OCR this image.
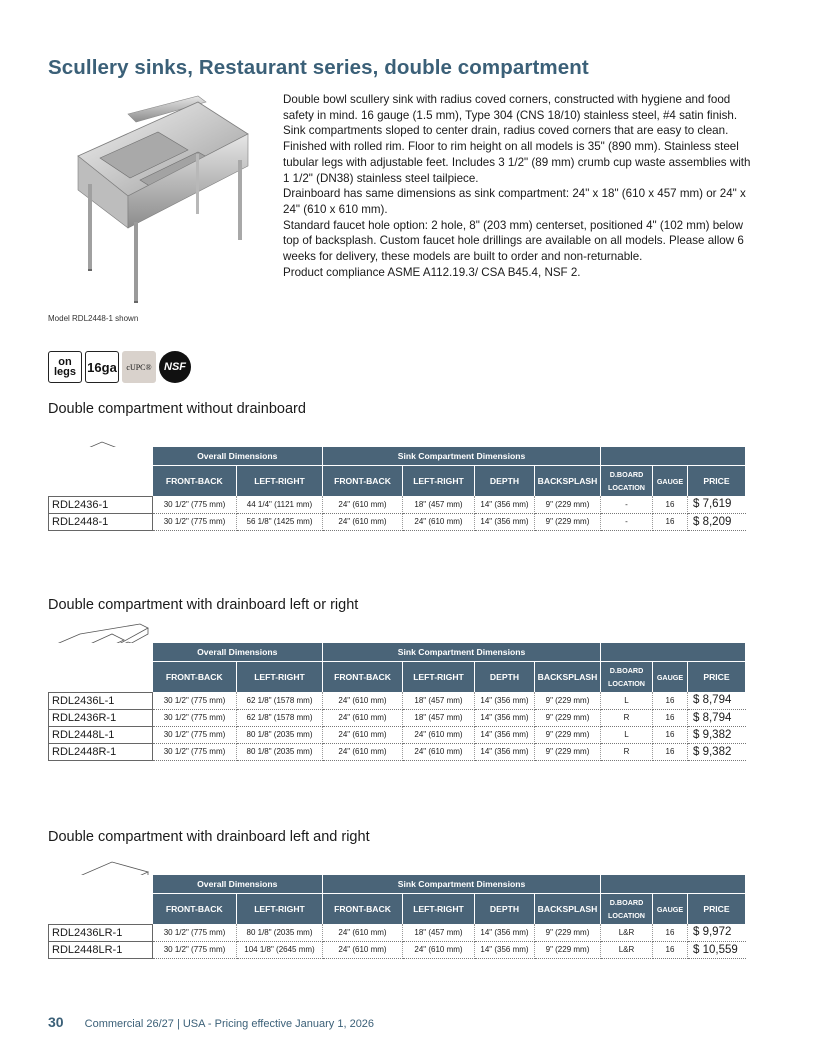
Scullery sinks, Restaurant series, double compartment
Model RDL2448-1 shown

Double bowl scullery sink with radius coved corners, constructed with hygiene and food safety in mind. 16 gauge (1.5 mm), Type 304 (CNS 18/10) stainless steel, #4 satin finish. Sink compartments sloped to center drain, radius coved corners that are easy to clean. Finished with rolled rim. Floor to rim height on all models is 35" (890 mm). Stainless steel tubular legs with adjustable feet. Includes 3 1/2" (89 mm) crumb cup waste assemblies with 1 1/2" (DN38) stainless steel tailpiece.

Drainboard has same dimensions as sink compartment: 24" x 18" (610 x 457 mm) or 24" x 24" (610 x 610 mm).

Standard faucet hole option: 2 hole, 8" (203 mm) centerset, positioned 4" (102 mm) below top of backsplash. Custom faucet hole drillings are available on all models. Please allow 6 weeks for delivery, these models are built to order and non-returnable.

Product compliance ASME A112.19.3/ CSA B45.4, NSF 2.

on
legs 16ga	cUPC®	NSF
Double compartment without drainboard
	Overall Dimensions		Sink Compartment Dimensions						
	FRONT-BACK	LEFT-RIGHT	FRONT-BACK	LEFT-RIGHT	DEPTH	BACKSPLASH	D.BOARD
LOCATION	GAUGE	PRICE
RDL2436-1	30 1/2" (775 mm)	44 1/4" (1121 mm)	24" (610 mm)	18" (457 mm)	14" (356 mm)	9" (229 mm)	-	16	$ 7,619
RDL2448-1	30 1/2" (775 mm)	56 1/8" (1425 mm)	24" (610 mm)	24" (610 mm)	14" (356 mm)	9" (229 mm)	-	16	$ 8,209
Double compartment with drainboard left or right
	Overall Dimensions		Sink Compartment Dimensions						
	FRONT-BACK	LEFT-RIGHT	FRONT-BACK	LEFT-RIGHT	DEPTH	BACKSPLASH	D.BOARD
LOCATION	GAUGE	PRICE
RDL2436L-1	30 1/2" (775 mm)	62 1/8" (1578 mm)	24" (610 mm)	18" (457 mm)	14" (356 mm)	9" (229 mm)	L	16	$ 8,794
RDL2436R-1	30 1/2" (775 mm)	62 1/8" (1578 mm)	24" (610 mm)	18" (457 mm)	14" (356 mm)	9" (229 mm)	R	16	$ 8,794
RDL2448L-1	30 1/2" (775 mm)	80 1/8" (2035 mm)	24" (610 mm)	24" (610 mm)	14" (356 mm)	9" (229 mm)	L	16	$ 9,382
RDL2448R-1	30 1/2" (775 mm)	80 1/8" (2035 mm)	24" (610 mm)	24" (610 mm)	14" (356 mm)	9" (229 mm)	R	16	$ 9,382
Double compartment with drainboard left and right
	Overall Dimensions		Sink Compartment Dimensions						
	FRONT-BACK	LEFT-RIGHT	FRONT-BACK	LEFT-RIGHT	DEPTH	BACKSPLASH	D.BOARD
LOCATION	GAUGE	PRICE
RDL2436LR-1	30 1/2" (775 mm)	80 1/8" (2035 mm)	24" (610 mm)	18" (457 mm)	14" (356 mm)	9" (229 mm)	L&R	16	$ 9,972
RDL2448LR-1	30 1/2" (775 mm)	104 1/8" (2645 mm)	24" (610 mm)	24" (610 mm)	14" (356 mm)	9" (229 mm)	L&R	16	$ 10,559
30 Commercial 26/27 | USA - Pricing effective January 1, 2026
